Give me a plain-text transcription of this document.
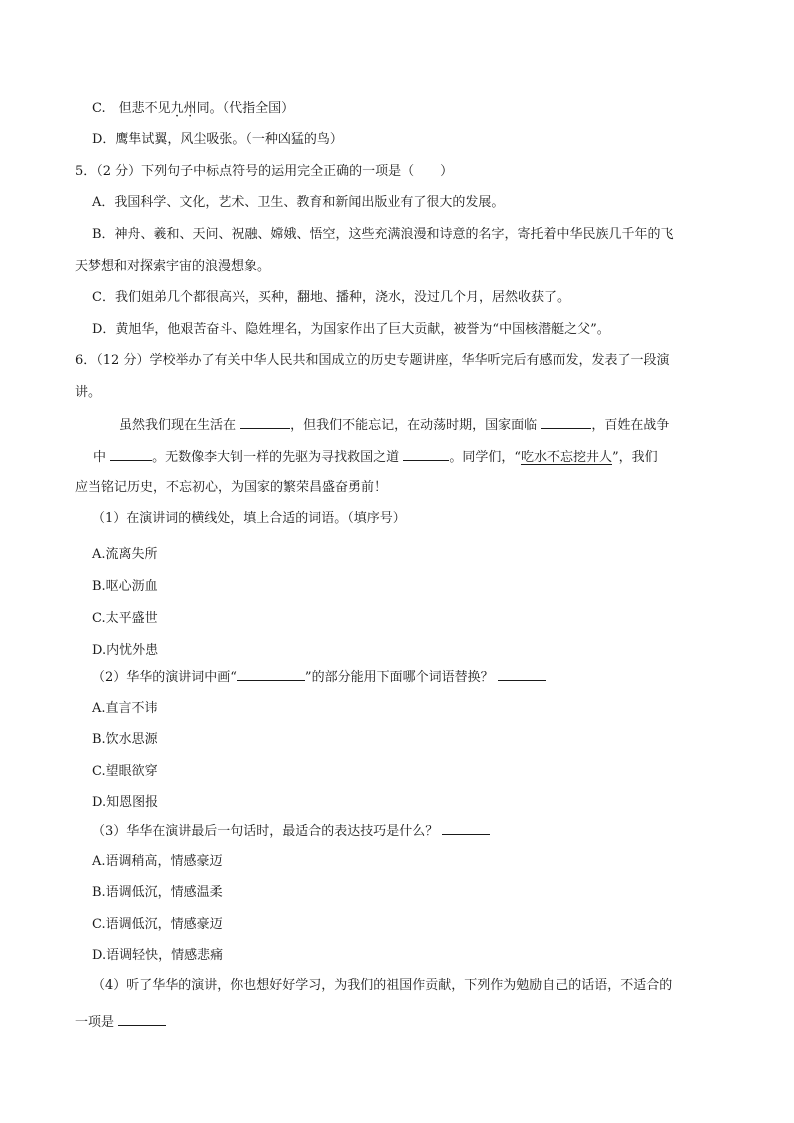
C.　但悲不见九州同。（代指全国）
D．鹰隼试翼，风尘吸张。（一种凶猛的鸟）
5．（2 分）下列句子中标点符号的运用完全正确的一项是（　　）
A．我国科学、文化，艺术、卫生、教育和新闻出版业有了很大的发展。
B．神舟、羲和、天问、祝融、嫦娥、悟空，这些充满浪漫和诗意的名字，寄托着中华民族几千年的飞
天梦想和对探索宇宙的浪漫想象。
C．我们姐弟几个都很高兴，买种，翻地、播种，浇水，没过几个月，居然收获了。
D．黄旭华，他艰苦奋斗、隐姓埋名，为国家作出了巨大贡献，被誉为“中国核潜艇之父”。
6．（12 分）学校举办了有关中华人民共和国成立的历史专题讲座，华华听完后有感而发，发表了一段演
讲。
虽然我们现在生活在	，但我们不能忘记，在动荡时期，国家面临	，百姓在战争
中	。无数像李大钊一样的先驱为寻找救国之道	。同学们，“吃水不忘挖井人”，我们
应当铭记历史，不忘初心，为国家的繁荣昌盛奋勇前！
（1）在演讲词的横线处，填上合适的词语。（填序号）
A.流离失所
B.呕心沥血
C.太平盛世
D.内忧外患
（2）华华的演讲词中画“	”的部分能用下面哪个词语替换？
A.直言不讳
B.饮水思源
C.望眼欲穿
D.知恩图报
（3）华华在演讲最后一句话时，最适合的表达技巧是什么？
A.语调稍高，情感豪迈
B.语调低沉，情感温柔
C.语调低沉，情感豪迈
D.语调轻快，情感悲痛
（4）听了华华的演讲，你也想好好学习，为我们的祖国作贡献，下列作为勉励自己的话语，不适合的
一项是
